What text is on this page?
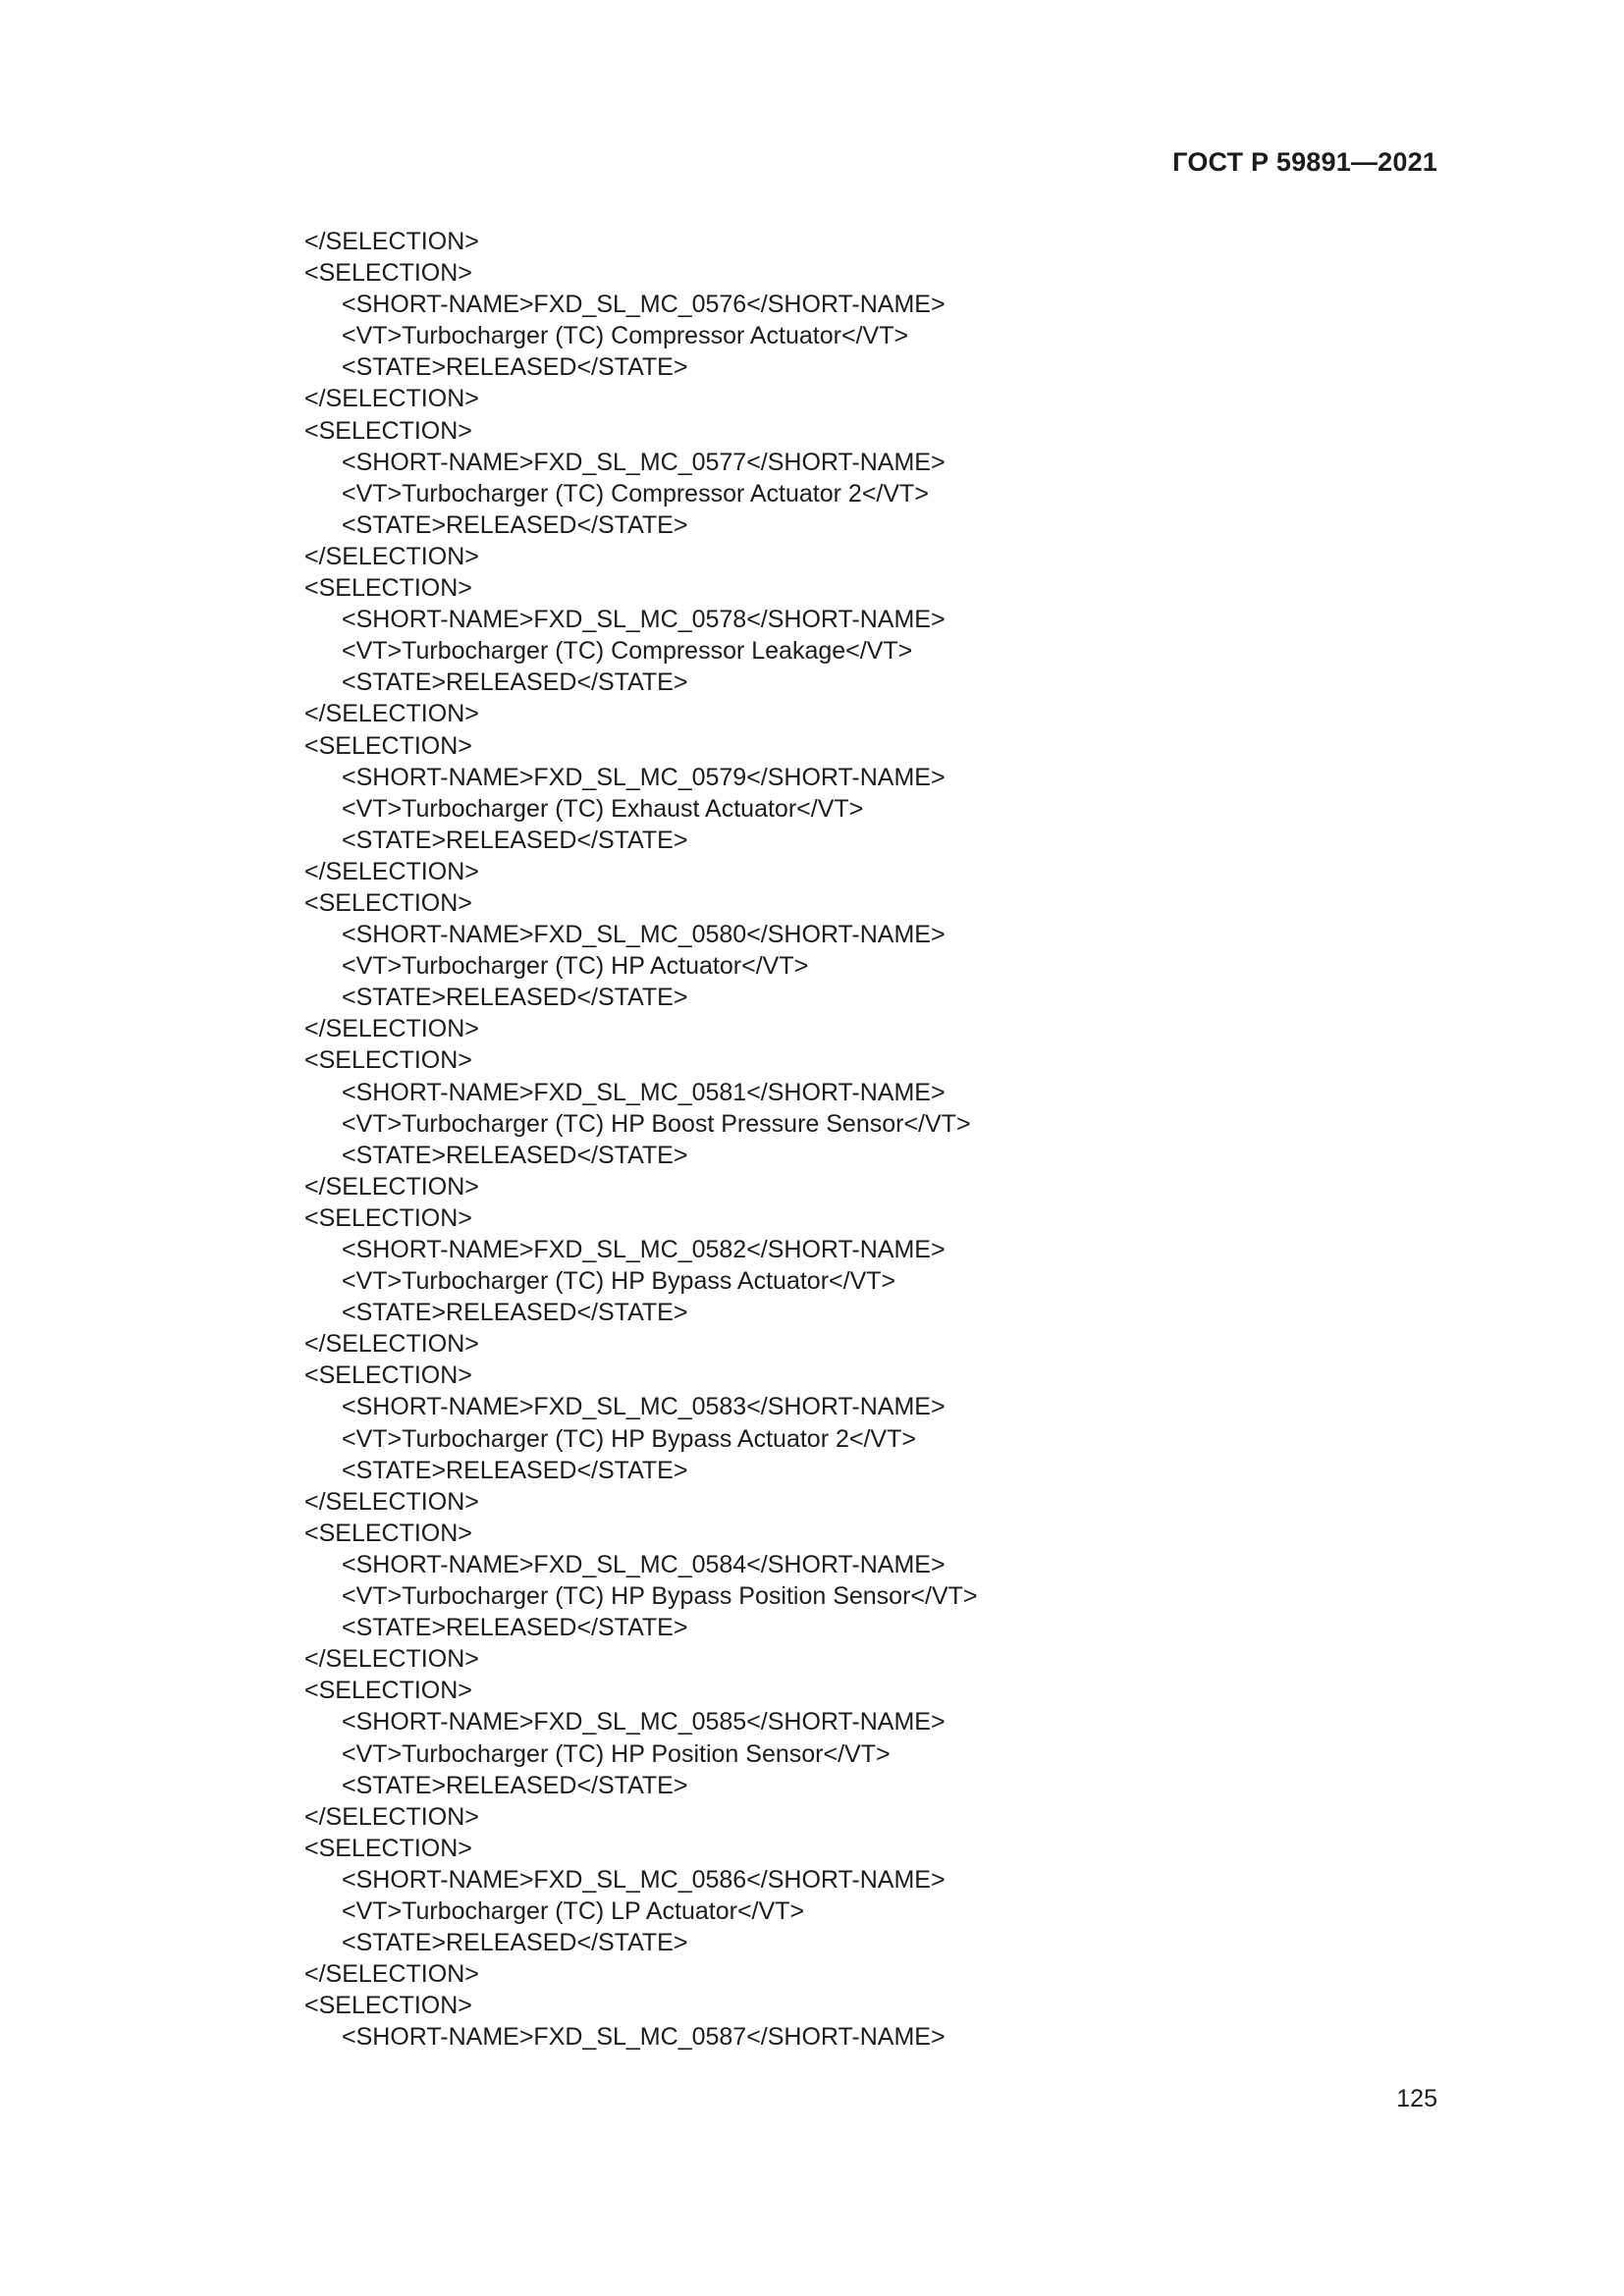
ГОСТ Р 59891—2021
</SELECTION>
<SELECTION>
<SHORT-NAME>FXD_SL_MC_0576</SHORT-NAME>
<VT>Turbocharger (TC) Compressor Actuator</VT>
<STATE>RELEASED</STATE>
</SELECTION>
<SELECTION>
<SHORT-NAME>FXD_SL_MC_0577</SHORT-NAME>
<VT>Turbocharger (TC) Compressor Actuator 2</VT>
<STATE>RELEASED</STATE>
</SELECTION>
<SELECTION>
<SHORT-NAME>FXD_SL_MC_0578</SHORT-NAME>
<VT>Turbocharger (TC) Compressor Leakage</VT>
<STATE>RELEASED</STATE>
</SELECTION>
<SELECTION>
<SHORT-NAME>FXD_SL_MC_0579</SHORT-NAME>
<VT>Turbocharger (TC) Exhaust Actuator</VT>
<STATE>RELEASED</STATE>
</SELECTION>
<SELECTION>
<SHORT-NAME>FXD_SL_MC_0580</SHORT-NAME>
<VT>Turbocharger (TC) HP Actuator</VT>
<STATE>RELEASED</STATE>
</SELECTION>
<SELECTION>
<SHORT-NAME>FXD_SL_MC_0581</SHORT-NAME>
<VT>Turbocharger (TC) HP Boost Pressure Sensor</VT>
<STATE>RELEASED</STATE>
</SELECTION>
<SELECTION>
<SHORT-NAME>FXD_SL_MC_0582</SHORT-NAME>
<VT>Turbocharger (TC) HP Bypass Actuator</VT>
<STATE>RELEASED</STATE>
</SELECTION>
<SELECTION>
<SHORT-NAME>FXD_SL_MC_0583</SHORT-NAME>
<VT>Turbocharger (TC) HP Bypass Actuator 2</VT>
<STATE>RELEASED</STATE>
</SELECTION>
<SELECTION>
<SHORT-NAME>FXD_SL_MC_0584</SHORT-NAME>
<VT>Turbocharger (TC) HP Bypass Position Sensor</VT>
<STATE>RELEASED</STATE>
</SELECTION>
<SELECTION>
<SHORT-NAME>FXD_SL_MC_0585</SHORT-NAME>
<VT>Turbocharger (TC) HP Position Sensor</VT>
<STATE>RELEASED</STATE>
</SELECTION>
<SELECTION>
<SHORT-NAME>FXD_SL_MC_0586</SHORT-NAME>
<VT>Turbocharger (TC) LP Actuator</VT>
<STATE>RELEASED</STATE>
</SELECTION>
<SELECTION>
<SHORT-NAME>FXD_SL_MC_0587</SHORT-NAME>
125
